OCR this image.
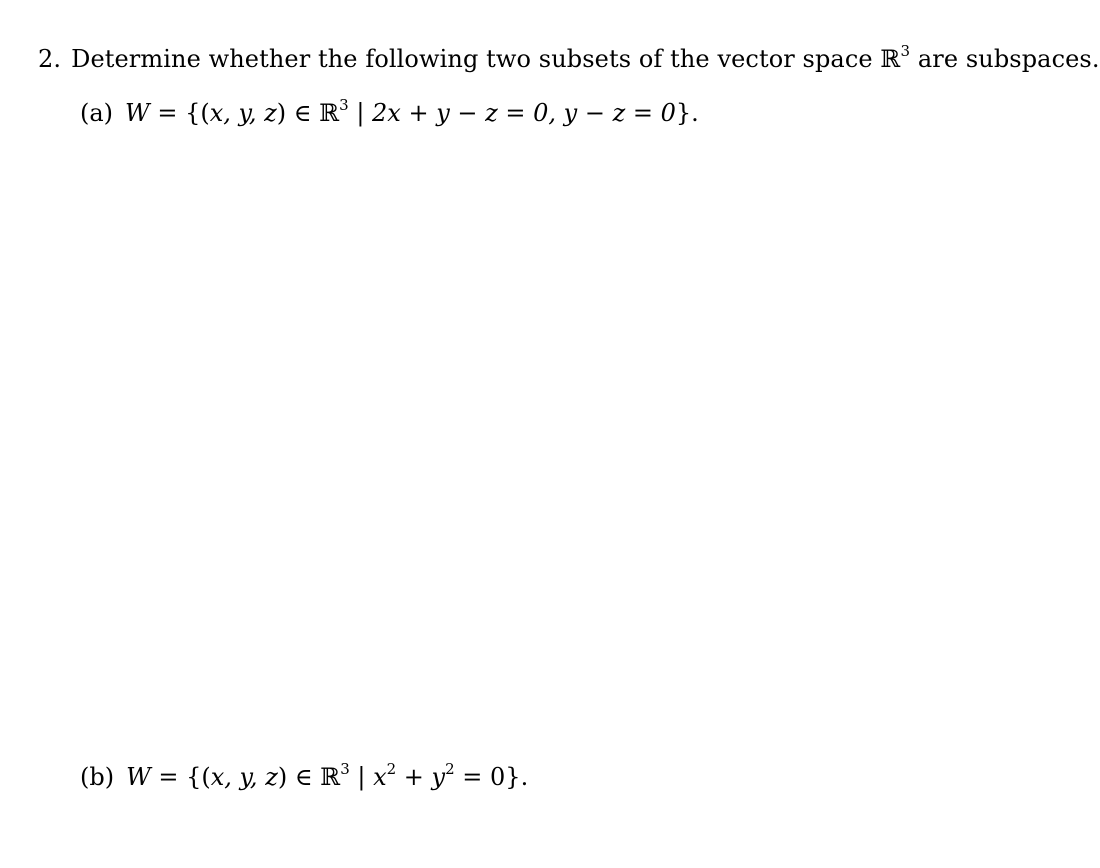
2. Determine whether the following two subsets of the vector space ℝ$^3$ are subspaces.
(a) W = {(x, y, z) ∈ ℝ$^3$ | 2x + y − z = 0, y − z = 0}.
(b) W = {(x, y, z) ∈ ℝ$^3$ | $x^2 + y^2 = 0$}.
